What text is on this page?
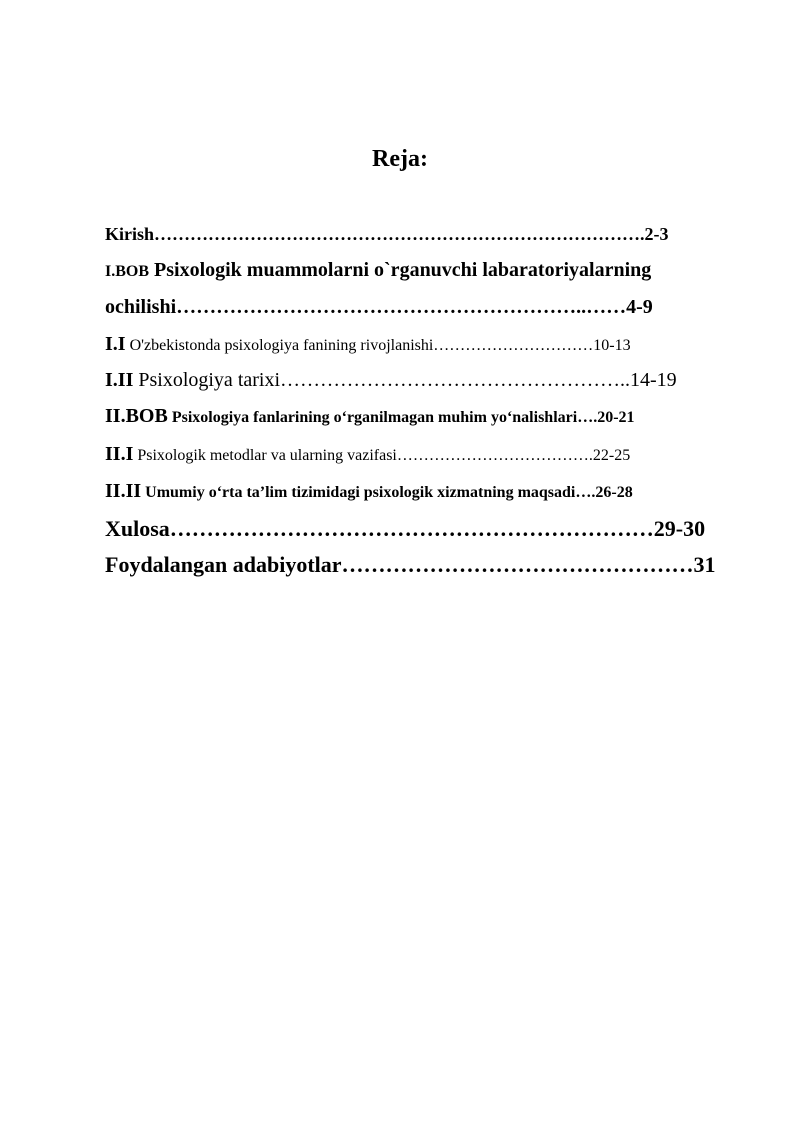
Reja:
Kirish……………………………………………………………………….2-3
I.BOB Psixologik muammolarni o`rganuvchi labaratoriyalarning
ochilishi……………………………………………………..……4-9
I.I O'zbekistonda psixologiya fanining rivojlanishi…………………………10-13
I.II Psixologiya tarixi……………………………………………..14-19
II.BOB Psixologiya fanlarining o‘rganilmagan muhim yo‘nalishlari….20-21
II.I Psixologik metodlar va ularning vazifasi……………………………….22-25
II.II Umumiy o‘rta ta’lim tizimidagi psixologik xizmatning maqsadi….26-28
Xulosa…………………………………………………………29-30
Foydalangan adabiyotlar…………………………………………31
